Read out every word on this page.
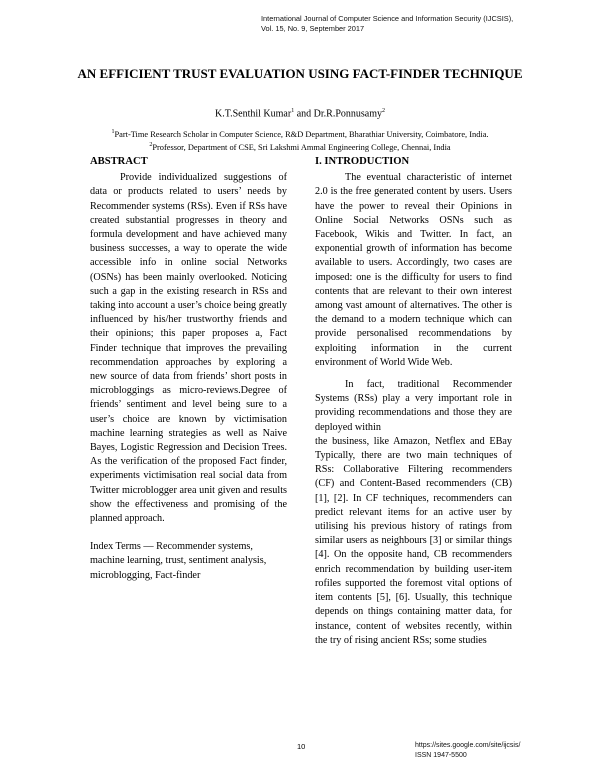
International Journal of Computer Science and Information Security (IJCSIS),
Vol. 15, No. 9, September 2017
AN EFFICIENT TRUST EVALUATION USING FACT-FINDER TECHNIQUE
K.T.Senthil Kumar$^1$ and Dr.R.Ponnusamy$^2$
$^1$Part-Time Research Scholar in Computer Science, R&D Department, Bharathiar University, Coimbatore, India.
$^2$Professor, Department of CSE, Sri Lakshmi Ammal Engineering College, Chennai, India
ABSTRACT

Provide individualized suggestions of data or products related to users’ needs by Recommender systems (RSs). Even if RSs have created substantial progresses in theory and formula development and have achieved many business successes, a way to operate the wide accessible info in online social Networks (OSNs) has been mainly overlooked. Noticing such a gap in the existing research in RSs and taking into account a user’s choice being greatly influenced by his/her trustworthy friends and their opinions; this paper proposes a, Fact Finder technique that improves the prevailing recommendation approaches by exploring a new source of data from friends’ short posts in microbloggings as micro-reviews.Degree of friends’ sentiment and level being sure to a user’s choice are known by victimisation machine learning strategies as well as Naive Bayes, Logistic Regression and Decision Trees. As the verification of the proposed Fact finder, experiments victimisation real social data from Twitter microblogger area unit given and results show the effectiveness and promising of the planned approach.

Index Terms — Recommender systems, machine learning, trust, sentiment analysis, microblogging, Fact-finder

I. INTRODUCTION

The eventual characteristic of internet 2.0 is the free generated content by users. Users have the power to reveal their Opinions in Online Social Networks OSNs such as Facebook, Wikis and Twitter. In fact, an exponential growth of information has become available to users. Accordingly, two cases are imposed: one is the difficulty for users to find contents that are relevant to their own interest among vast amount of alternatives. The other is the demand to a modern technique which can provide personalised recommendations by exploiting information in the current environment of World Wide Web.

In fact, traditional Recommender Systems (RSs) play a very important role in providing recommendations and those they are deployed within

the business, like Amazon, Netflex and EBay Typically, there are two main techniques of RSs: Collaborative Filtering recommenders (CF) and Content-Based recommenders (CB) [1], [2]. In CF techniques, recommenders can predict relevant items for an active user by utilising his previous history of ratings from similar users as neighbours [3] or similar things [4]. On the opposite hand, CB recommenders enrich recommendation by building user-item rofiles supported the foremost vital options of item contents [5], [6]. Usually, this technique depends on things containing matter data, for instance, content of websites recently, within the try of rising ancient RSs; some studies

10	https://sites.google.com/site/ijcsis/
ISSN 1947-5500
